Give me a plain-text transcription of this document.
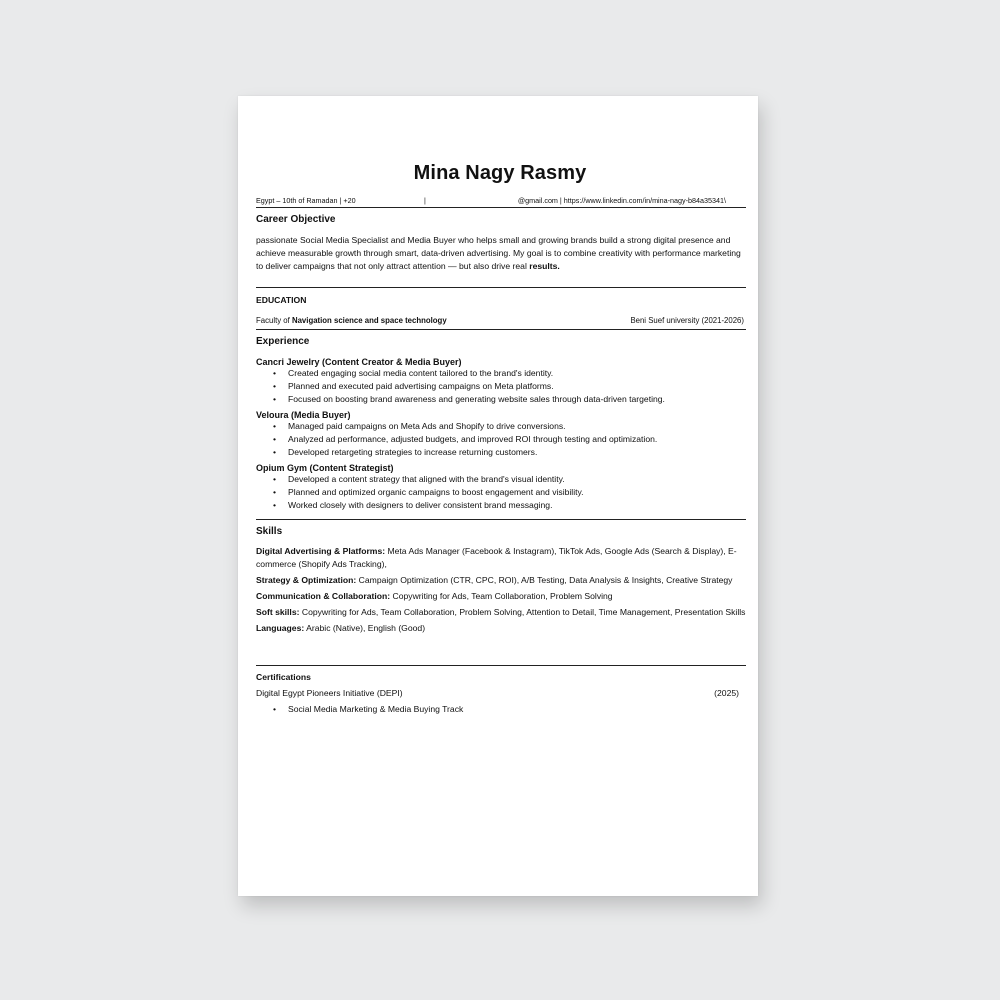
Mina Nagy Rasmy
Egypt – 10th of Ramadan | +20	|	@gmail.com | https://www.linkedin.com/in/mina-nagy-b84a35341\
Career Objective
passionate Social Media Specialist and Media Buyer who helps small and growing brands build a strong digital presence and achieve measurable growth through smart, data-driven advertising. My goal is to combine creativity with performance marketing to deliver campaigns that not only attract attention — but also drive real results.
EDUCATION
Faculty of Navigation science and space technology	Beni Suef university (2021-2026)
Experience
Cancri Jewelry (Content Creator & Media Buyer)
• Created engaging social media content tailored to the brand's identity.
• Planned and executed paid advertising campaigns on Meta platforms.
• Focused on boosting brand awareness and generating website sales through data-driven targeting.
Veloura (Media Buyer)
• Managed paid campaigns on Meta Ads and Shopify to drive conversions.
• Analyzed ad performance, adjusted budgets, and improved ROI through testing and optimization.
• Developed retargeting strategies to increase returning customers.
Opium Gym (Content Strategist)
• Developed a content strategy that aligned with the brand's visual identity.
• Planned and optimized organic campaigns to boost engagement and visibility.
• Worked closely with designers to deliver consistent brand messaging.
Skills
Digital Advertising & Platforms: Meta Ads Manager (Facebook & Instagram), TikTok Ads, Google Ads (Search & Display), E-commerce (Shopify Ads Tracking),
Strategy & Optimization: Campaign Optimization (CTR, CPC, ROI), A/B Testing, Data Analysis & Insights, Creative Strategy
Communication & Collaboration: Copywriting for Ads, Team Collaboration, Problem Solving
Soft skills: Copywriting for Ads, Team Collaboration, Problem Solving, Attention to Detail, Time Management, Presentation Skills
Languages: Arabic (Native), English (Good)
Certifications
Digital Egypt Pioneers Initiative (DEPI)	(2025)
• Social Media Marketing & Media Buying Track
